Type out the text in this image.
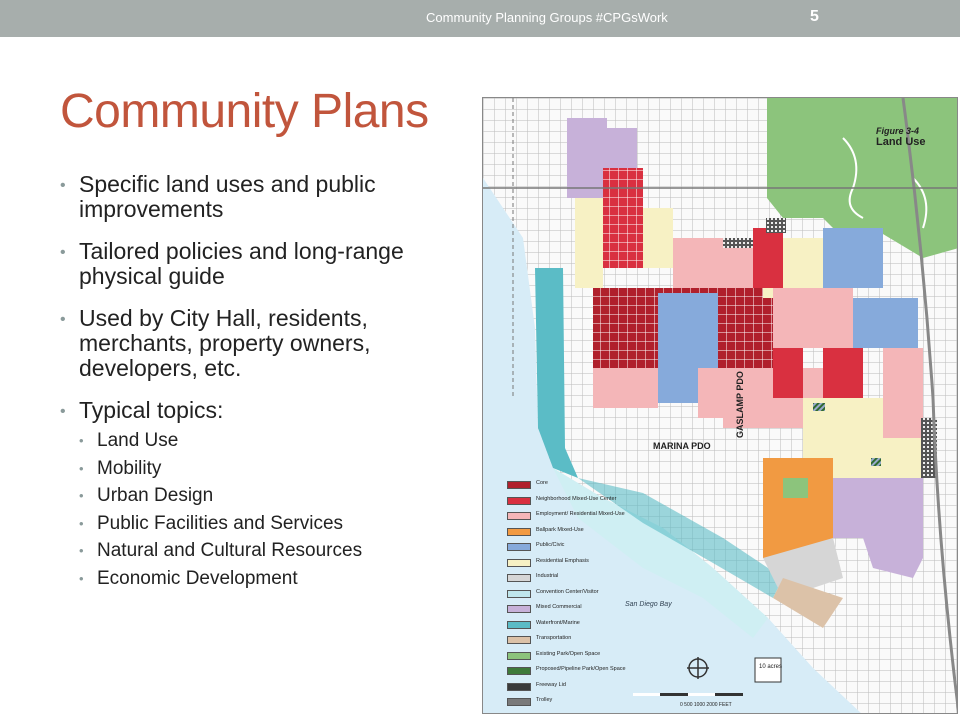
Community Planning Groups #CPGsWork	5
Community Plans
• Specific land uses and public improvements
• Tailored policies and long-range physical guide
• Used by City Hall, residents, merchants, property owners, developers, etc.
• Typical topics:
• Land Use
• Mobility
• Urban Design
• Public Facilities and Services
• Natural and Cultural Resources
• Economic Development
Figure 3-4
Land Use
MARINA PDO
GASLAMP PDO
San Diego Bay
10 acres
0 500 1000 2000 FEET
Core
Neighborhood Mixed-Use Center
Employment/ Residential Mixed-Use
Ballpark Mixed-Use
Public/Civic
Residential Emphasis
Industrial
Convention Center/Visitor
Mixed Commercial
Waterfront/Marine
Transportation
Existing Park/Open Space
Proposed/Pipeline Park/Open Space
Freeway Lid
Trolley
